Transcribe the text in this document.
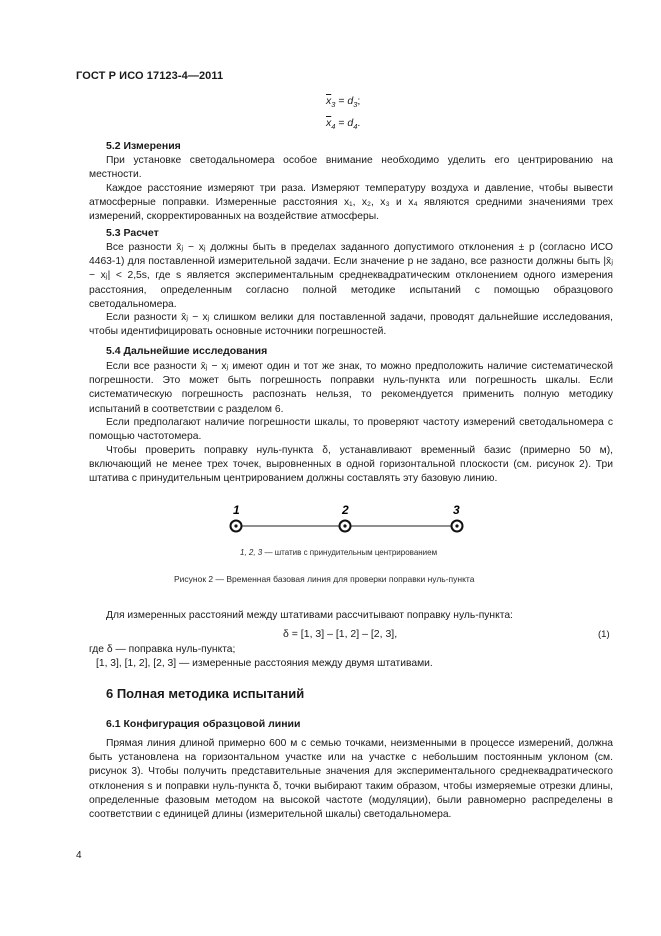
ГОСТ Р ИСО 17123-4—2011
$\overline{x}_3 = d_3$;
$\overline{x}_4 = d_4$.
5.2 Измерения

При установке светодальномера особое внимание необходимо уделить его центрированию на местности.

Каждое расстояние измеряют три раза. Измеряют температуру воздуха и давление, чтобы вывести атмосферные поправки. Измеренные расстояния x₁, x₂, x₃ и x₄ являются средними значениями трех измерений, скорректированных на воздействие атмосферы.

5.3 Расчет

Все разности x̄ⱼ − xⱼ должны быть в пределах заданного допустимого отклонения ± p (согласно ИСО 4463-1) для поставленной измерительной задачи. Если значение p не задано, все разности должны быть |x̄ⱼ − xⱼ| < 2,5s, где s является экспериментальным среднеквадратическим отклонением одного измерения расстояния, определенным согласно полной методике испытаний с помощью образцового светодальномера.

Если разности x̄ⱼ − xⱼ слишком велики для поставленной задачи, проводят дальнейшие исследования, чтобы идентифицировать основные источники погрешностей.

5.4 Дальнейшие исследования

Если все разности x̄ⱼ − xⱼ имеют один и тот же знак, то можно предположить наличие систематической погрешности. Это может быть погрешность поправки нуль-пункта или погрешность шкалы. Если систематическую погрешность распознать нельзя, то рекомендуется применить полную методику испытаний в соответствии с разделом 6.

Если предполагают наличие погрешности шкалы, то проверяют частоту измерений светодальномера с помощью частотомера.

Чтобы проверить поправку нуль-пункта δ, устанавливают временный базис (примерно 50 м), включающий не менее трех точек, выровненных в одной горизонтальной плоскости (см. рисунок 2). Три штатива с принудительным центрированием должны составлять эту базовую линию.

1	2	3
1, 2, 3 — штатив с принудительным центрированием
Рисунок 2 — Временная базовая линия для проверки поправки нуль-пункта

Для измеренных расстояний между штативами рассчитывают поправку нуль-пункта:

δ = [1, 3] – [1, 2] – [2, 3],	(1)
где δ — поправка нуль-пункта;
[1, 3], [1, 2], [2, 3] — измеренные расстояния между двумя штативами.
6 Полная методика испытаний
6.1 Конфигурация образцовой линии

Прямая линия длиной примерно 600 м с семью точками, неизменными в процессе измерений, должна быть установлена на горизонтальном участке или на участке с небольшим постоянным уклоном (см. рисунок 3). Чтобы получить представительные значения для экспериментального среднеквадратического отклонения s и поправки нуль-пункта δ, точки выбирают таким образом, чтобы измеряемые отрезки длины, определенные фазовым методом на высокой частоте (модуляции), были равномерно распределены в соответствии с единицей длины (измерительной шкалы) светодальномера.

4
